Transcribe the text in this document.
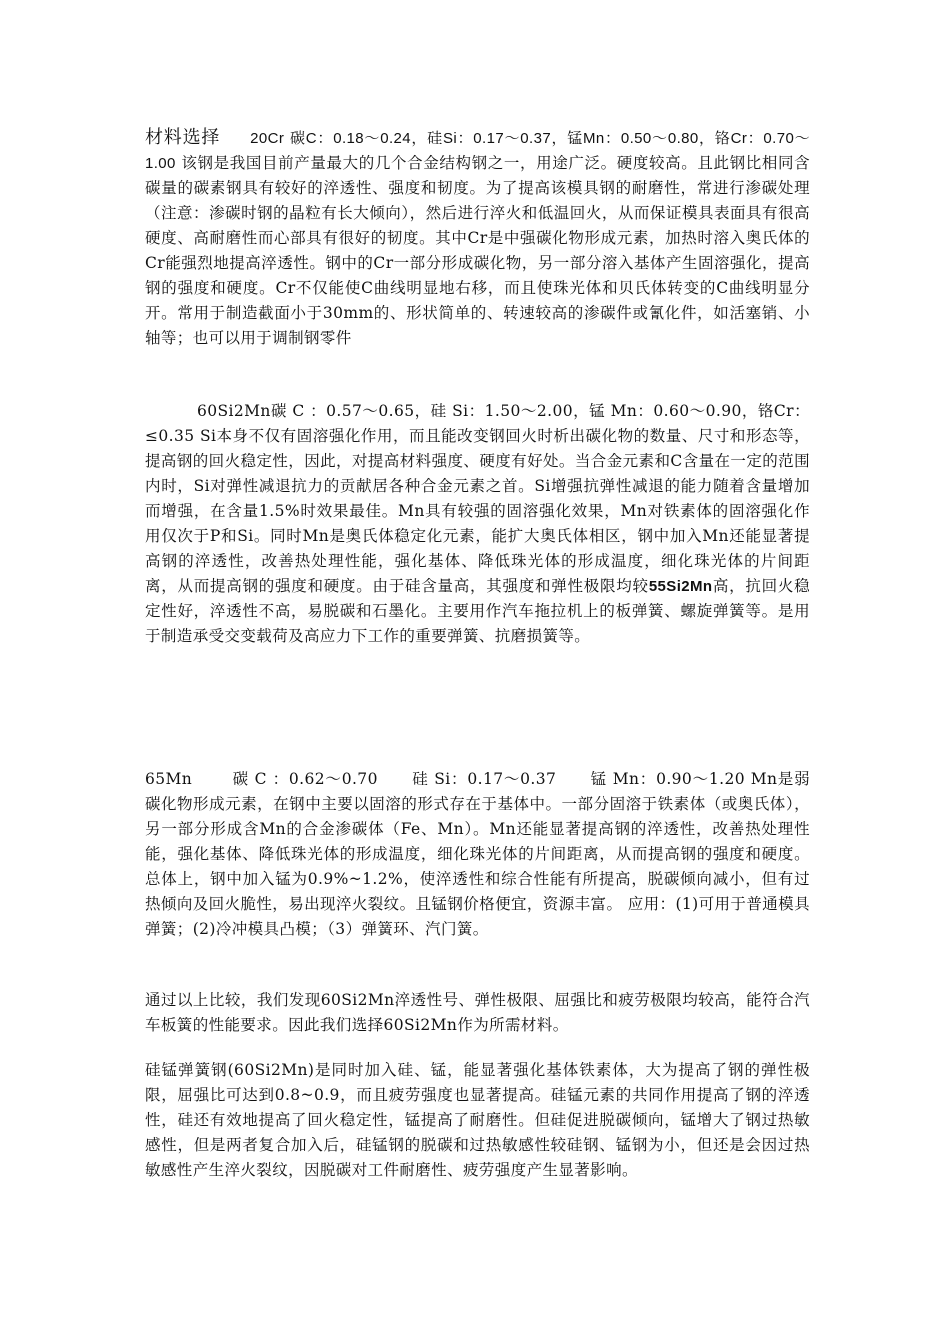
材料选择 20Cr 碳C：0.18～0.24，硅Si：0.17～0.37，锰Mn：0.50～0.80，铬Cr：0.70～1.00 该钢是我国目前产量最大的几个合金结构钢之一，用途广泛。硬度较高。且此钢比相同含碳量的碳素钢具有较好的淬透性、强度和韧度。为了提高该模具钢的耐磨性，常进行渗碳处理（注意：渗碳时钢的晶粒有长大倾向），然后进行淬火和低温回火，从而保证模具表面具有很高硬度、高耐磨性而心部具有很好的韧度。其中Cr是中强碳化物形成元素，加热时溶入奥氏体的Cr能强烈地提高淬透性。钢中的Cr一部分形成碳化物，另一部分溶入基体产生固溶强化，提高钢的强度和硬度。Cr不仅能使C曲线明显地右移，而且使珠光体和贝氏体转变的C曲线明显分开。常用于制造截面小于30mm的、形状简单的、转速较高的渗碳件或氰化件，如活塞销、小轴等；也可以用于调制钢零件

60Si2Mn碳 C ：0.57～0.65，硅 Si：1.50～2.00，锰 Mn：0.60～0.90，铬Cr：≤0.35 Si本身不仅有固溶强化作用，而且能改变钢回火时析出碳化物的数量、尺寸和形态等，提高钢的回火稳定性，因此，对提高材料强度、硬度有好处。当合金元素和C含量在一定的范围内时，Si对弹性减退抗力的贡献居各种合金元素之首。Si增强抗弹性减退的能力随着含量增加而增强，在含量1.5%时效果最佳。Mn具有较强的固溶强化效果，Mn对铁素体的固溶强化作用仅次于P和Si。同时Mn是奥氏体稳定化元素，能扩大奥氏体相区，钢中加入Mn还能显著提高钢的淬透性，改善热处理性能，强化基体、降低珠光体的形成温度，细化珠光体的片间距离，从而提高钢的强度和硬度。由于硅含量高，其强度和弹性极限均较55Si2Mn高，抗回火稳定性好，淬透性不高，易脱碳和石墨化。主要用作汽车拖拉机上的板弹簧、螺旋弹簧等。是用于制造承受交变载荷及高应力下工作的重要弹簧、抗磨损簧等。

65Mn	碳 C ：0.62～0.70 硅 Si：0.17～0.37 锰 Mn：0.90～1.20 Mn是弱碳化物形成元素，在钢中主要以固溶的形式存在于基体中。一部分固溶于铁素体（或奥氏体），另一部分形成含Mn的合金渗碳体（Fe、Mn）。Mn还能显著提高钢的淬透性，改善热处理性能，强化基体、降低珠光体的形成温度，细化珠光体的片间距离，从而提高钢的强度和硬度。总体上，钢中加入锰为0.9%~1.2%，使淬透性和综合性能有所提高，脱碳倾向减小，但有过热倾向及回火脆性，易出现淬火裂纹。且锰钢价格便宜，资源丰富。 应用：(1)可用于普通模具弹簧；(2)冷冲模具凸模；（3）弹簧环、汽门簧。

通过以上比较，我们发现60Si2Mn淬透性号、弹性极限、屈强比和疲劳极限均较高，能符合汽车板簧的性能要求。因此我们选择60Si2Mn作为所需材料。

硅锰弹簧钢(60Si2Mn)是同时加入硅、锰，能显著强化基体铁素体，大为提高了钢的弹性极限，屈强比可达到0.8~0.9，而且疲劳强度也显著提高。硅锰元素的共同作用提高了钢的淬透性，硅还有效地提高了回火稳定性，锰提高了耐磨性。但硅促进脱碳倾向，锰增大了钢过热敏感性，但是两者复合加入后，硅锰钢的脱碳和过热敏感性较硅钢、锰钢为小，但还是会因过热敏感性产生淬火裂纹，因脱碳对工件耐磨性、疲劳强度产生显著影响。
